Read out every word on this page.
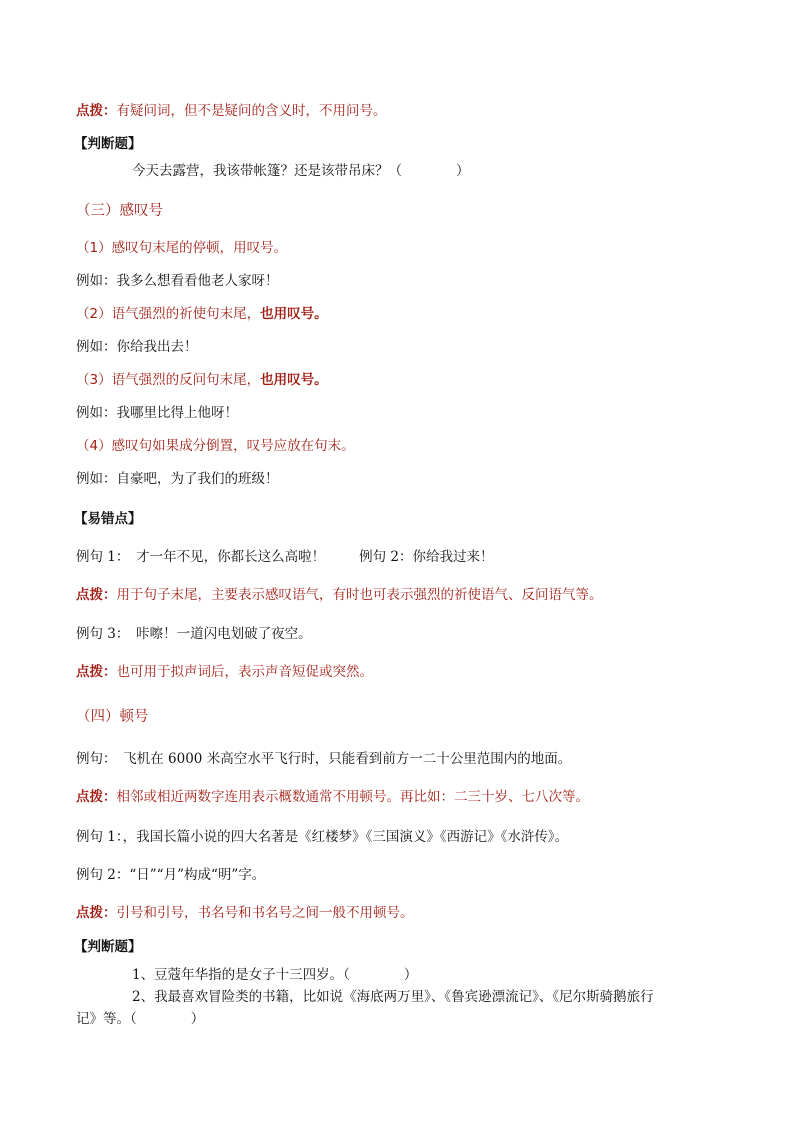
点拨：有疑问词，但不是疑问的含义时，不用问号。
【判断题】
今天去露营，我该带帐篷？还是该带吊床？（　　　　）
（三）感叹号
（1）感叹句末尾的停顿，用叹号。
例如：我多么想看看他老人家呀！
（2）语气强烈的祈使句末尾，也用叹号。
例如：你给我出去！
（3）语气强烈的反问句末尾，也用叹号。
例如：我哪里比得上他呀！
（4）感叹句如果成分倒置，叹号应放在句末。
例如：自豪吧，为了我们的班级！
【易错点】
例句 1：　才一年不见，你都长这么高啦！	例句 2：你给我过来！
点拨：用于句子末尾，主要表示感叹语气，有时也可表示强烈的祈使语气、反问语气等。
例句 3：　咔嚓！一道闪电划破了夜空。
点拨：也可用于拟声词后，表示声音短促或突然。
（四）顿号
例句：　飞机在 6000 米高空水平飞行时，只能看到前方一二十公里范围内的地面。
点拨：相邻或相近两数字连用表示概数通常不用顿号。再比如：二三十岁、七八次等。
例句 1：，我国长篇小说的四大名著是《红楼梦》《三国演义》《西游记》《水浒传》。
例句 2：“日”“月”构成“明”字。
点拨：引号和引号，书名号和书名号之间一般不用顿号。
【判断题】
1、豆蔻年华指的是女子十三四岁。（　　　　）
2、我最喜欢冒险类的书籍，比如说《海底两万里》、《鲁宾逊漂流记》、《尼尔斯骑鹅旅行
记》等。（　　　　）
